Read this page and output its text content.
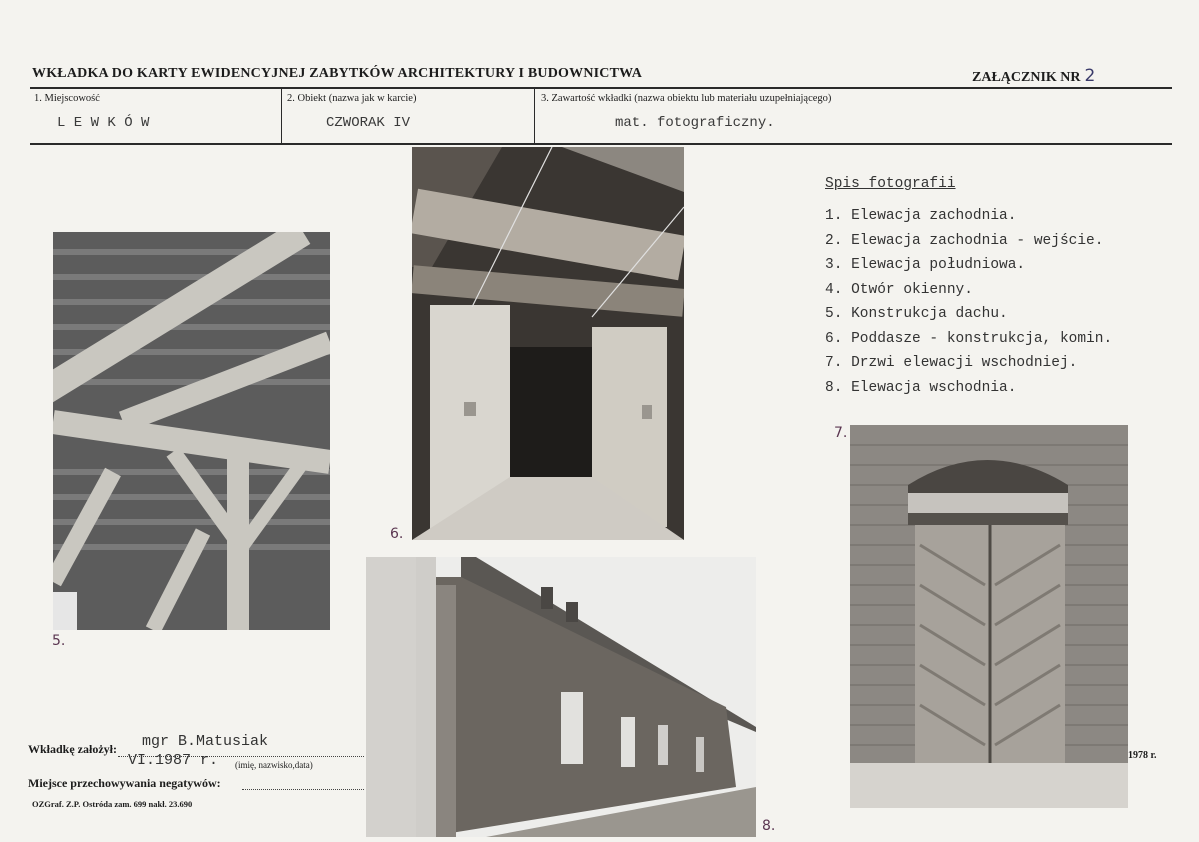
WKŁADKA DO KARTY EWIDENCYJNEJ ZABYTKÓW ARCHITEKTURY I BUDOWNICTWA	ZAŁĄCZNIK NR 2
1. Miejscowość
L E W K Ó W
2. Obiekt (nazwa jak w karcie)
CZWORAK IV
3. Zawartość wkładki (nazwa obiektu lub materiału uzupełniającego)
mat. fotograficzny.
Spis fotografii
1. Elewacja zachodnia.
2. Elewacja zachodnia - wejście.
3. Elewacja południowa.
4. Otwór okienny.
5. Konstrukcja dachu.
6. Poddasze - konstrukcja, komin.
7. Drzwi elewacji wschodniej.
8. Elewacja wschodnia.
5.
6.
7.
1978 r.
8.
Wkładkę założył: mgr B.Matusiak
VI.1987 r. (imię, nazwisko,data)
Miejsce przechowywania negatywów:
OZGraf. Z.P. Ostróda zam. 699 nakł. 23.690
